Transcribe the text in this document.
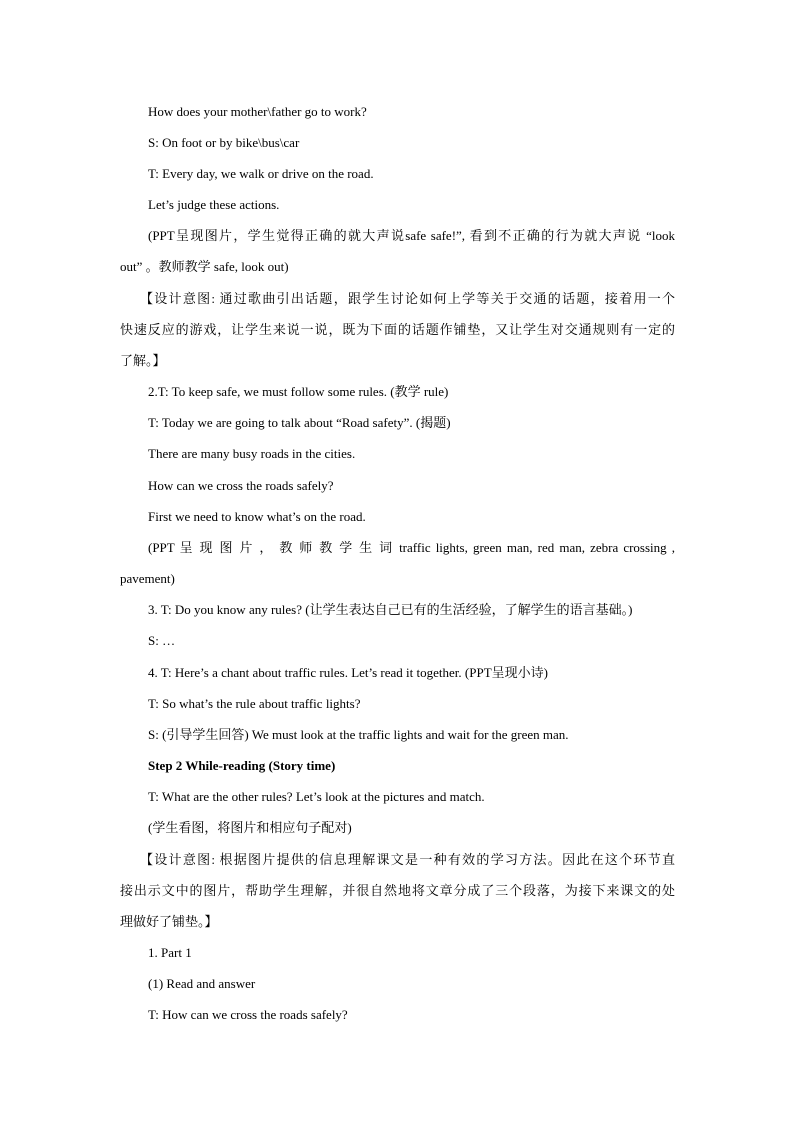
How does your mother\father go to work?
S: On foot or by bike\bus\car
T: Every day, we walk or drive on the road.
Let’s judge these actions.
(PPT呈现图片，学生觉得正确的就大声说safe safe!”, 看到不正确的行为就大声说 “look
out” 。教师教学 safe, look out)
【设计意图: 通过歌曲引出话题，跟学生讨论如何上学等关于交通的话题，接着用一个
快速反应的游戏，让学生来说一说，既为下面的话题作铺垫，又让学生对交通规则有一定的
了解。】
2.T: To keep safe, we must follow some rules. (教学 rule)
T: Today we are going to talk about “Road safety”. (揭题)
There are many busy roads in the cities.
How can we cross the roads safely?
First we need to know what’s on the road.
(PPT 呈 现 图 片 ， 教 师 教 学 生 词 traffic lights, green man, red man, zebra crossing ,
pavement)
3. T: Do you know any rules? (让学生表达自己已有的生活经验，了解学生的语言基础。)
S: …
4. T: Here’s a chant about traffic rules. Let’s read it together. (PPT呈现小诗)
T: So what’s the rule about traffic lights?
S: (引导学生回答) We must look at the traffic lights and wait for the green man.
Step 2 While-reading (Story time)
T: What are the other rules? Let’s look at the pictures and match.
(学生看图，将图片和相应句子配对)
【设计意图: 根据图片提供的信息理解课文是一种有效的学习方法。因此在这个环节直
接出示文中的图片，帮助学生理解，并很自然地将文章分成了三个段落，为接下来课文的处
理做好了铺垫。】
1. Part 1
(1) Read and answer
T: How can we cross the roads safely?
